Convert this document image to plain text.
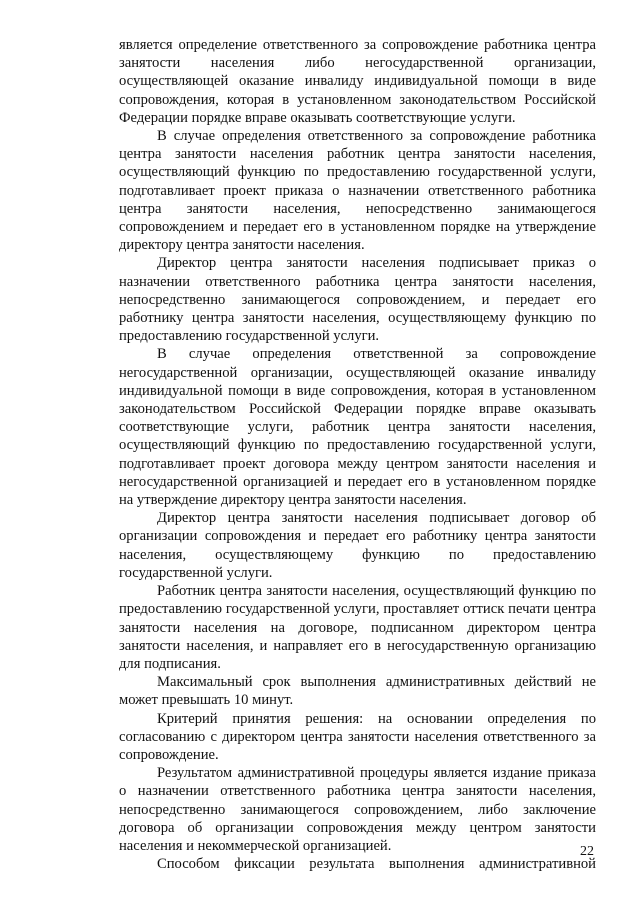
является определение ответственного за сопровождение работника центра занятости населения либо негосударственной организации, осуществляющей оказание инвалиду индивидуальной помощи в виде сопровождения, которая в установленном законодательством Российской Федерации порядке вправе оказывать соответствующие услуги.

В случае определения ответственного за сопровождение работника центра занятости населения работник центра занятости населения, осуществляющий функцию по предоставлению государственной услуги, подготавливает проект приказа о назначении ответственного работника центра занятости населения, непосредственно занимающегося сопровождением и передает его в установленном порядке на утверждение директору центра занятости населения.

Директор центра занятости населения подписывает приказ о назначении ответственного работника центра занятости населения, непосредственно занимающегося сопровождением, и передает его работнику центра занятости населения, осуществляющему функцию по предоставлению государственной услуги.

В случае определения ответственной за сопровождение негосударственной организации, осуществляющей оказание инвалиду индивидуальной помощи в виде сопровождения, которая в установленном законодательством Российской Федерации порядке вправе оказывать соответствующие услуги, работник центра занятости населения, осуществляющий функцию по предоставлению государственной услуги, подготавливает проект договора между центром занятости населения и негосударственной организацией и передает его в установленном порядке на утверждение директору центра занятости населения.

Директор центра занятости населения подписывает договор об организации сопровождения и передает его работнику центра занятости населения, осуществляющему функцию по предоставлению государственной услуги.

Работник центра занятости населения, осуществляющий функцию по предоставлению государственной услуги, проставляет оттиск печати центра занятости населения на договоре, подписанном директором центра занятости населения, и направляет его в негосударственную организацию для подписания.

Максимальный срок выполнения административных действий не может превышать 10 минут.

Критерий принятия решения: на основании определения по согласованию с директором центра занятости населения ответственного за сопровождение.

Результатом административной процедуры является издание приказа о назначении ответственного работника центра занятости населения, непосредственно занимающегося сопровождением, либо заключение договора об организации сопровождения между центром занятости населения и некоммерческой организацией.

Способом фиксации результата выполнения административной

22
